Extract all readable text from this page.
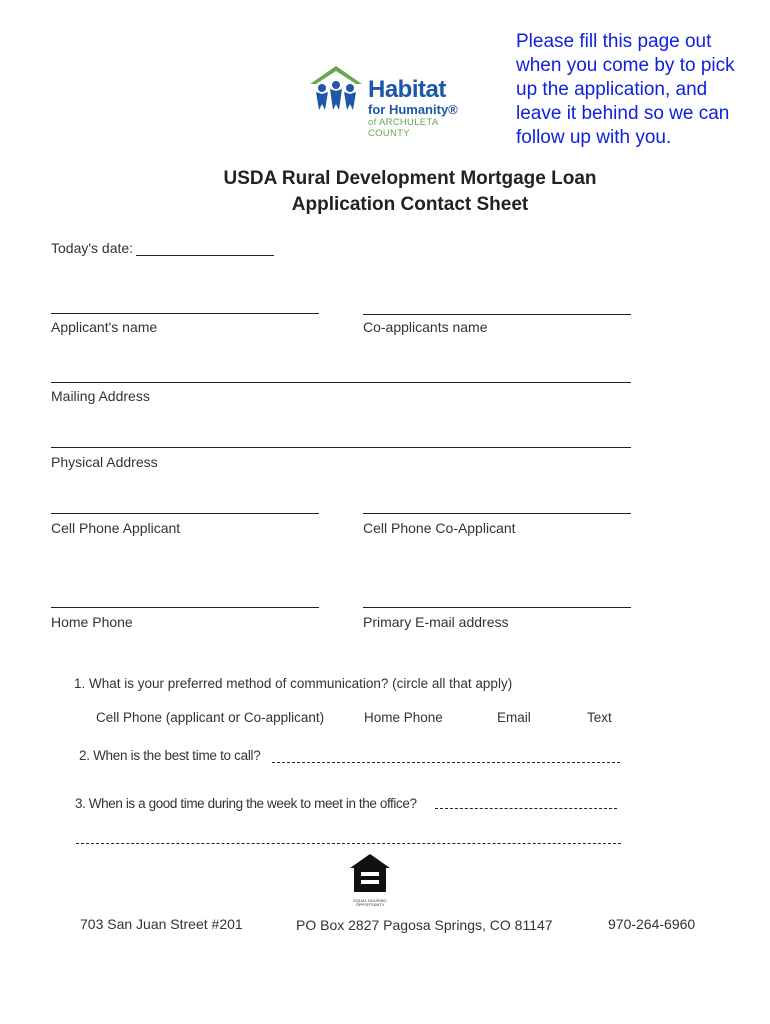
Habitat
for Humanity®
of ARCHULETA COUNTY
Please fill this page out
when you come by to pick
up the application, and
leave it behind so we can
follow up with you.
USDA Rural Development Mortgage Loan
Application Contact Sheet
Today's date:
Applicant's name	Co-applicants name
Mailing Address
Physical Address
Cell Phone Applicant	Cell Phone Co-Applicant
Home Phone	Primary E-mail address
1. What is your preferred method of communication? (circle all that apply)
Cell Phone (applicant or Co-applicant)	Home Phone	Email	Text
2. When is the best time to call?
3. When is a good time during the week to meet in the office?
EQUAL HOUSING OPPORTUNITY
703 San Juan Street #201	PO Box 2827 Pagosa Springs, CO 81147	970-264-6960
